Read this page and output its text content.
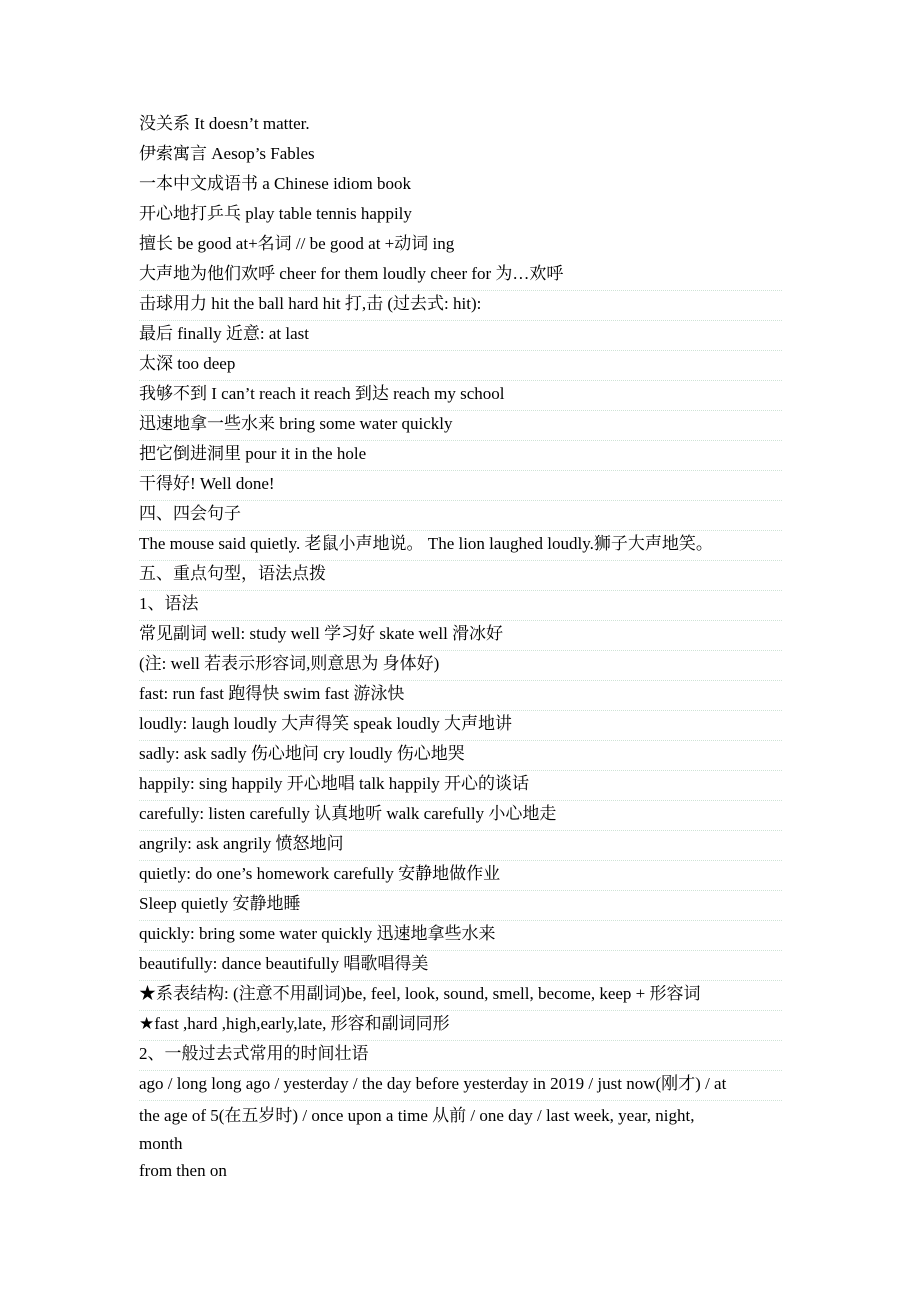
没关系 It doesn’t matter.
伊索寓言 Aesop’s Fables
一本中文成语书 a Chinese idiom book
开心地打乒乓 play table tennis happily
擅长 be good at+名词 // be good at +动词 ing
大声地为他们欢呼 cheer for them loudly cheer for 为…欢呼
击球用力 hit the ball hard hit 打,击 (过去式: hit):
最后 finally 近意: at last
太深 too deep
我够不到 I can’t reach it reach 到达 reach my school
迅速地拿一些水来 bring some water quickly
把它倒进洞里 pour it in the hole
干得好! Well done!
四、四会句子
The mouse said quietly. 老鼠小声地说。 The lion laughed loudly.狮子大声地笑。
五、重点句型，语法点拨
1、语法
常见副词 well: study well 学习好 skate well 滑冰好
(注: well 若表示形容词,则意思为 身体好)
fast: run fast 跑得快 swim fast 游泳快
loudly: laugh loudly 大声得笑 speak loudly 大声地讲
sadly: ask sadly 伤心地问 cry loudly 伤心地哭
happily: sing happily 开心地唱 talk happily 开心的谈话
carefully: listen carefully 认真地听 walk carefully 小心地走
angrily: ask angrily 愤怒地问
quietly: do one’s homework carefully 安静地做作业
Sleep quietly 安静地睡
quickly: bring some water quickly 迅速地拿些水来
beautifully: dance beautifully 唱歌唱得美
★系表结构: (注意不用副词)be, feel, look, sound, smell, become, keep + 形容词
★fast ,hard ,high,early,late, 形容和副词同形
2、一般过去式常用的时间壮语
ago / long long ago / yesterday / the day before yesterday in 2019 / just now(刚才) / at
the age of 5(在五岁时) / once upon a time 从前 / one day / last week, year, night,
month
from then on
